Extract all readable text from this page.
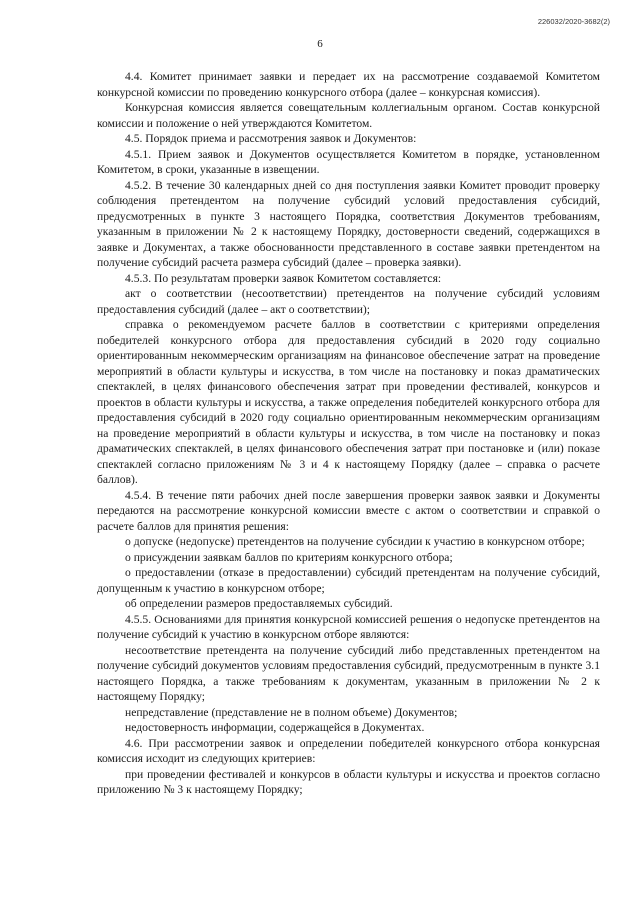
226032/2020-3682(2)
6

4.4. Комитет принимает заявки и передает их на рассмотрение создаваемой Комитетом конкурсной комиссии по проведению конкурсного отбора (далее – конкурсная комиссия).

Конкурсная комиссия является совещательным коллегиальным органом. Состав конкурсной комиссии и положение о ней утверждаются Комитетом.

4.5. Порядок приема и рассмотрения заявок и Документов:

4.5.1. Прием заявок и Документов осуществляется Комитетом в порядке, установленном Комитетом, в сроки, указанные в извещении.

4.5.2. В течение 30 календарных дней со дня поступления заявки Комитет проводит проверку соблюдения претендентом на получение субсидий условий предоставления субсидий, предусмотренных в пункте 3 настоящего Порядка, соответствия Документов требованиям, указанным в приложении № 2 к настоящему Порядку, достоверности сведений, содержащихся в заявке и Документах, а также обоснованности представленного в составе заявки претендентом на получение субсидий расчета размера субсидий (далее – проверка заявки).

4.5.3. По результатам проверки заявок Комитетом составляется:

акт о соответствии (несоответствии) претендентов на получение субсидий условиям предоставления субсидий (далее – акт о соответствии);

справка о рекомендуемом расчете баллов в соответствии с критериями определения победителей конкурсного отбора для предоставления субсидий в 2020 году социально ориентированным некоммерческим организациям на финансовое обеспечение затрат на проведение мероприятий в области культуры и искусства, в том числе на постановку и показ драматических спектаклей, в целях финансового обеспечения затрат при проведении фестивалей, конкурсов и проектов в области культуры и искусства, а также определения победителей конкурсного отбора для предоставления субсидий в 2020 году социально ориентированным некоммерческим организациям на проведение мероприятий в области культуры и искусства, в том числе на постановку и показ драматических спектаклей, в целях финансового обеспечения затрат при постановке и (или) показе спектаклей согласно приложениям № 3 и 4 к настоящему Порядку (далее – справка о расчете баллов).

4.5.4. В течение пяти рабочих дней после завершения проверки заявок заявки и Документы передаются на рассмотрение конкурсной комиссии вместе с актом о соответствии и справкой о расчете баллов для принятия решения:

о допуске (недопуске) претендентов на получение субсидии к участию в конкурсном отборе;

о присуждении заявкам баллов по критериям конкурсного отбора;

о предоставлении (отказе в предоставлении) субсидий претендентам на получение субсидий, допущенным к участию в конкурсном отборе;

об определении размеров предоставляемых субсидий.

4.5.5. Основаниями для принятия конкурсной комиссией решения о недопуске претендентов на получение субсидий к участию в конкурсном отборе являются:

несоответствие претендента на получение субсидий либо представленных претендентом на получение субсидий документов условиям предоставления субсидий, предусмотренным в пункте 3.1 настоящего Порядка, а также требованиям к документам, указанным в приложении № 2 к настоящему Порядку;

непредставление (представление не в полном объеме) Документов;

недостоверность информации, содержащейся в Документах.

4.6. При рассмотрении заявок и определении победителей конкурсного отбора конкурсная комиссия исходит из следующих критериев:

при проведении фестивалей и конкурсов в области культуры и искусства и проектов согласно приложению № 3 к настоящему Порядку;
